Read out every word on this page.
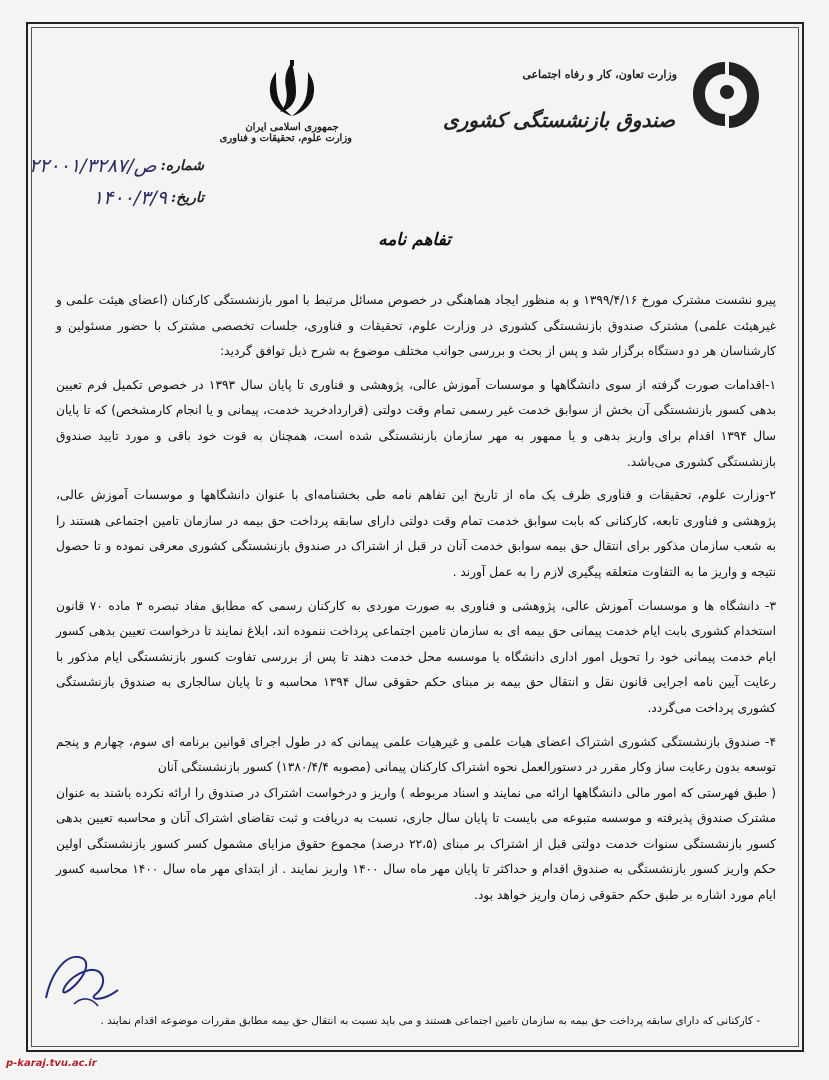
وزارت تعاون، کار و رفاه اجتماعی
صندوق بازنشستگی کشوری
جمهوری اسلامی ایران
وزارت علوم، تحقیقات و فناوری
شماره:
۲۲۰۰۱/۳۲۸۷/ص
تاریخ:
۱۴۰۰/۳/۹
تفاهم نامه

پیرو نشست مشترک مورخ ۱۳۹۹/۴/۱۶ و به منظور ایجاد هماهنگی در خصوص مسائل مرتبط با امور بازنشستگی کارکنان (اعضای هیئت علمی و غیرهیئت علمی) مشترک صندوق بازنشستگی کشوری در وزارت علوم، تحقیقات و فناوری، جلسات تخصصی مشترک با حضور مسئولین و کارشناسان هر دو دستگاه برگزار شد و پس از بحث و بررسی جوانب مختلف موضوع به شرح ذیل توافق گردید:

۱-اقدامات صورت گرفته از سوی دانشگاهها و موسسات آموزش عالی، پژوهشی و فناوری تا پایان سال ۱۳۹۳ در خصوص تکمیل فرم تعیین بدهی کسور بازنشستگی آن بخش از سوابق خدمت غیر رسمی تمام وقت دولتی (قراردادخرید خدمت، پیمانی و یا انجام کارمشخص) که تا پایان سال ۱۳۹۴ اقدام برای واریز بدهی و یا ممهور به مهر سازمان بازنشستگی شده است، همچنان به قوت خود باقی و مورد تایید صندوق بازنشستگی کشوری می‌باشد.

۲-وزارت علوم، تحقیقات و فناوری ظرف یک ماه از تاریخ این تفاهم نامه طی بخشنامه‌ای با عنوان دانشگاهها و موسسات آموزش عالی، پژوهشی و فناوری تابعه، کارکنانی که بابت سوابق خدمت تمام وقت دولتی دارای سابقه پرداخت حق بیمه در سازمان تامین اجتماعی هستند را به شعب سازمان مذکور برای انتقال حق بیمه سوابق خدمت آنان در قبل از اشتراک در صندوق بازنشستگی کشوری معرفی نموده و تا حصول نتیجه و واریز ما به التفاوت متعلقه پیگیری لازم را به عمل آورند .

۳- دانشگاه ها و موسسات آموزش عالی، پژوهشی و فناوری به صورت موردی به کارکنان رسمی که مطابق مفاد تبصره ۳ ماده ۷۰ قانون استخدام کشوری بابت ایام خدمت پیمانی حق بیمه ای به سازمان تامین اجتماعی پرداخت ننموده اند، ابلاغ نمایند تا درخواست تعیین بدهی کسور ایام خدمت پیمانی خود را تحویل امور اداری دانشگاه یا موسسه محل خدمت دهند تا پس از بررسی تفاوت کسور بازنشستگی ایام مذکور با رعایت آیین نامه اجرایی قانون نقل و انتقال حق بیمه بر مبنای حکم حقوقی سال ۱۳۹۴ محاسبه و تا پایان سالجاری به صندوق بازنشستگی کشوری پرداخت می‌گردد.

۴- صندوق بازنشستگی کشوری اشتراک اعضای هیات علمی و غیرهیات علمی پیمانی که در طول اجرای قوانین برنامه ای سوم، چهارم و پنجم توسعه بدون رعایت ساز وکار مقرر در دستورالعمل نحوه اشتراک کارکنان پیمانی (مصوبه ۱۳۸۰/۴/۴) کسور بازنشستگی آنان

( طبق فهرستی که امور مالی دانشگاهها ارائه می نمایند و اسناد مربوطه ) واریز و درخواست اشتراک در صندوق را ارائه نکرده باشند به عنوان مشترک صندوق پذیرفته و موسسه متبوعه می بایست تا پایان سال جاری، نسبت به دریافت و ثبت تقاضای اشتراک آنان و محاسبه تعیین بدهی کسور بازنشستگی سنوات خدمت دولتی قبل از اشتراک بر مبنای (۲۲،۵ درصد) مجموع حقوق مزایای مشمول کسر کسور بازنشستگی اولین حکم واریز کسور بازنشستگی به صندوق اقدام و حداکثر تا پایان مهر ماه سال ۱۴۰۰ واریز نمایند . از ابتدای مهر ماه سال ۱۴۰۰ محاسبه کسور ایام مورد اشاره بر طبق حکم حقوقی زمان واریز خواهد بود.

- کارکنانی که دارای سابقه پرداخت حق بیمه به سازمان تامین اجتماعی هستند و می باید نسبت به انتقال حق بیمه مطابق مقررات موضوعه اقدام نمایند .
p-karaj.tvu.ac.ir
